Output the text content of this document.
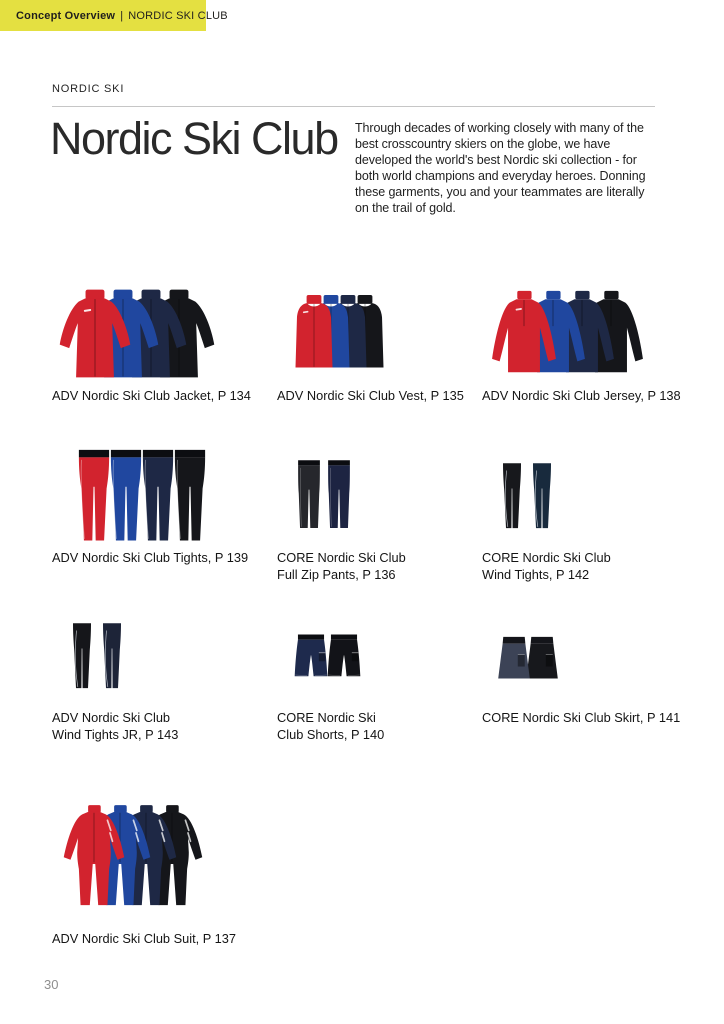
Concept Overview | NORDIC SKI CLUB
NORDIC SKI
Nordic Ski Club Through decades of working closely with many of the best crosscountry skiers on the globe, we have developed the world's best Nordic ski collection - for both world champions and everyday heroes. Donning these garments, you and your teammates are literally on the trail of gold.

ADV Nordic Ski Club Jacket, P 134	ADV Nordic Ski Club Vest, P 135	ADV Nordic Ski Club Jersey, P 138
ADV Nordic Ski Club Tights, P 139	CORE Nordic Ski Club
Full Zip Pants, P 136
CORE Nordic Ski Club
Wind Tights, P 142
ADV Nordic Ski Club
Wind Tights JR, P 143
CORE Nordic Ski
Club Shorts, P 140
CORE Nordic Ski Club Skirt, P 141
ADV Nordic Ski Club Suit, P 137
30
